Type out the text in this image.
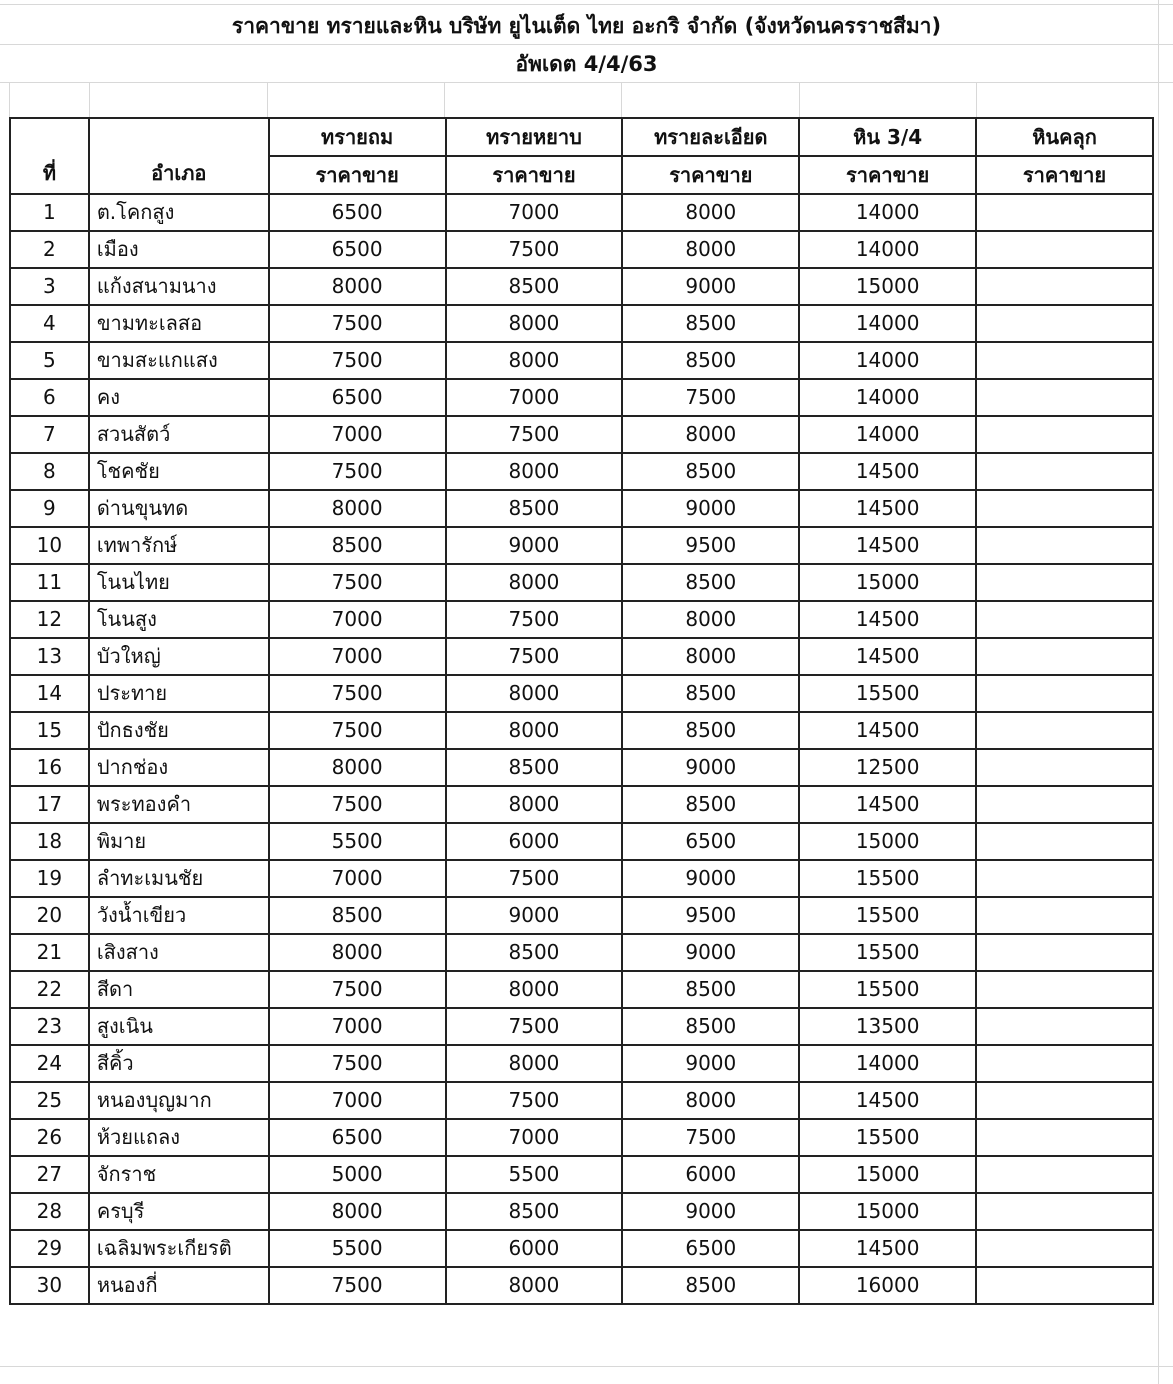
ราคาขาย ทรายและหิน บริษัท ยูไนเต็ด ไทย อะกริ จำกัด (จังหวัดนครราชสีมา)
อัพเดต 4/4/63
ที่	อำเภอ	ทรายถม	ทรายหยาบ	ทรายละเอียด	หิน 3/4	หินคลุก
		ราคาขาย	ราคาขาย	ราคาขาย	ราคาขาย	ราคาขาย
1	ต.โคกสูง	6500	7000	8000	14000	
2	เมือง	6500	7500	8000	14000	
3	แก้งสนามนาง	8000	8500	9000	15000	
4	ขามทะเลสอ	7500	8000	8500	14000	
5	ขามสะแกแสง	7500	8000	8500	14000	
6	คง	6500	7000	7500	14000	
7	สวนสัตว์	7000	7500	8000	14000	
8	โชคชัย	7500	8000	8500	14500	
9	ด่านขุนทด	8000	8500	9000	14500	
10	เทพารักษ์	8500	9000	9500	14500	
11	โนนไทย	7500	8000	8500	15000	
12	โนนสูง	7000	7500	8000	14500	
13	บัวใหญ่	7000	7500	8000	14500	
14	ประทาย	7500	8000	8500	15500	
15	ปักธงชัย	7500	8000	8500	14500	
16	ปากช่อง	8000	8500	9000	12500	
17	พระทองคำ	7500	8000	8500	14500	
18	พิมาย	5500	6000	6500	15000	
19	ลำทะเมนชัย	7000	7500	9000	15500	
20	วังน้ำเขียว	8500	9000	9500	15500	
21	เสิงสาง	8000	8500	9000	15500	
22	สีดา	7500	8000	8500	15500	
23	สูงเนิน	7000	7500	8500	13500	
24	สีคิ้ว	7500	8000	9000	14000	
25	หนองบุญมาก	7000	7500	8000	14500	
26	ห้วยแถลง	6500	7000	7500	15500	
27	จักราช	5000	5500	6000	15000	
28	ครบุรี	8000	8500	9000	15000	
29	เฉลิมพระเกียรติ	5500	6000	6500	14500	
30	หนองกี่	7500	8000	8500	16000	
